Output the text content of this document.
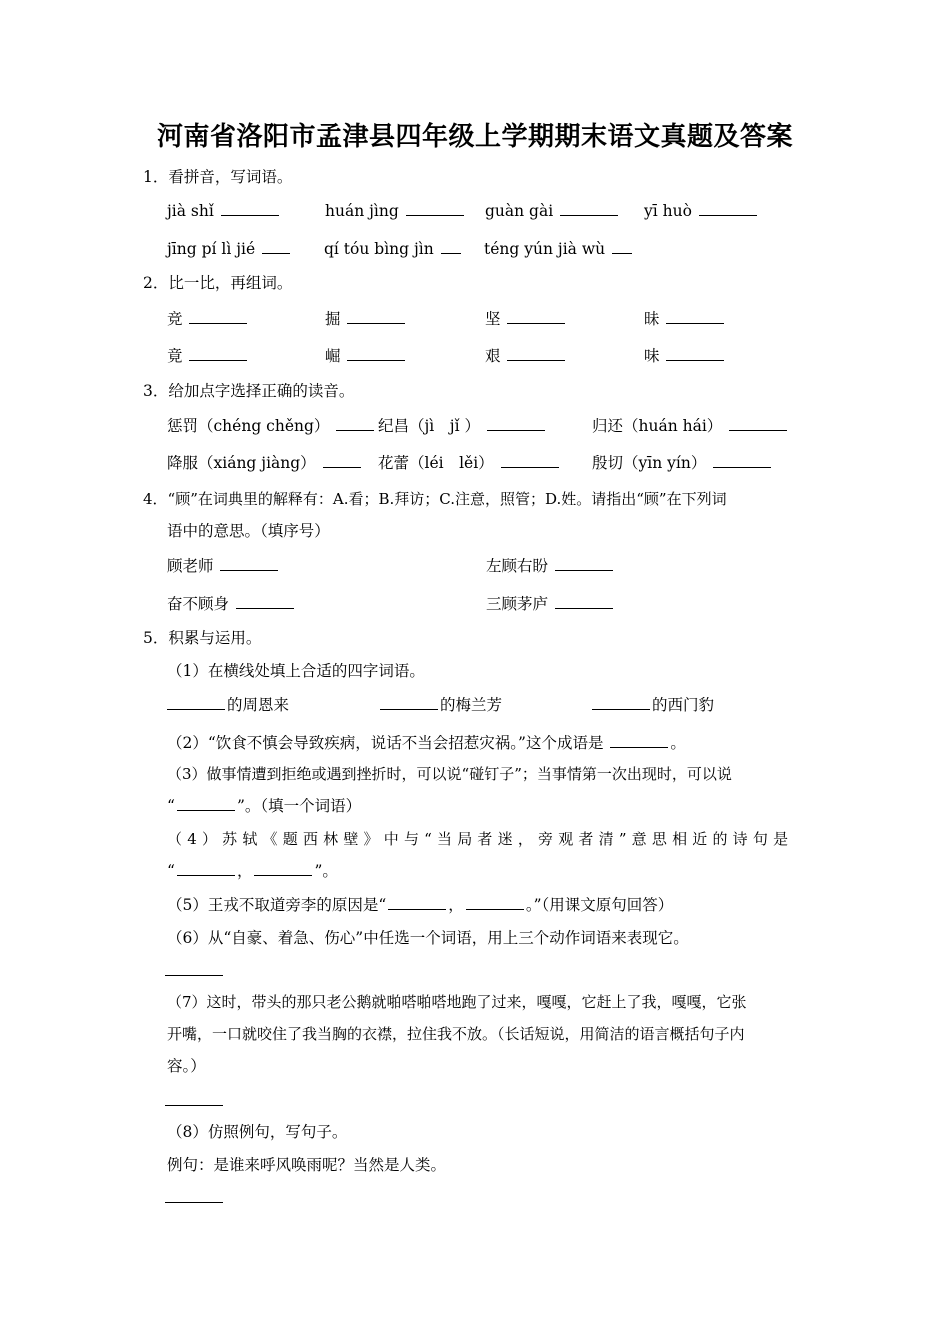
河南省洛阳市孟津县四年级上学期期末语文真题及答案
1．看拼音，写词语。
jià shǐ	huán jìng	guàn gài	yī huò
jīng pí lì jié	qí tóu bìng jìn	téng yún jià wù
2．比一比，再组词。
竞	掘	坚	昧
竟	崛	艰	味
3．给加点字选择正确的读音。
惩罚（chéng chěng）	纪昌（jì　jǐ ）	归还（huán hái）
降服（xiáng jiàng）	花蕾（léi　lěi）	殷切（yīn yín）
4．“顾”在词典里的解释有：A.看；B.拜访；C.注意，照管；D.姓。请指出“顾”在下列词
语中的意思。（填序号）
顾老师	左顾右盼
奋不顾身	三顾茅庐
5．积累与运用。
（1）在横线处填上合适的四字词语。
的周恩来	的梅兰芳	的西门豹
（2）“饮食不慎会导致疾病，说话不当会招惹灾祸。”这个成语是	。
（3）做事情遭到拒绝或遇到挫折时，可以说“碰钉子”；当事情第一次出现时，可以说
“	”。（填一个词语）
（4）苏轼《题西林壁》中与“当局者迷，旁观者清”意思相近的诗句是
“	，	”。
（5）王戎不取道旁李的原因是“	，	。”（用课文原句回答）
（6）从“自豪、着急、伤心”中任选一个词语，用上三个动作词语来表现它。
（7）这时，带头的那只老公鹅就啪嗒啪嗒地跑了过来，嘎嘎，它赶上了我，嘎嘎，它张
开嘴，一口就咬住了我当胸的衣襟，拉住我不放。（长话短说，用简洁的语言概括句子内
容。）
（8）仿照例句，写句子。
例句：是谁来呼风唤雨呢？当然是人类。
